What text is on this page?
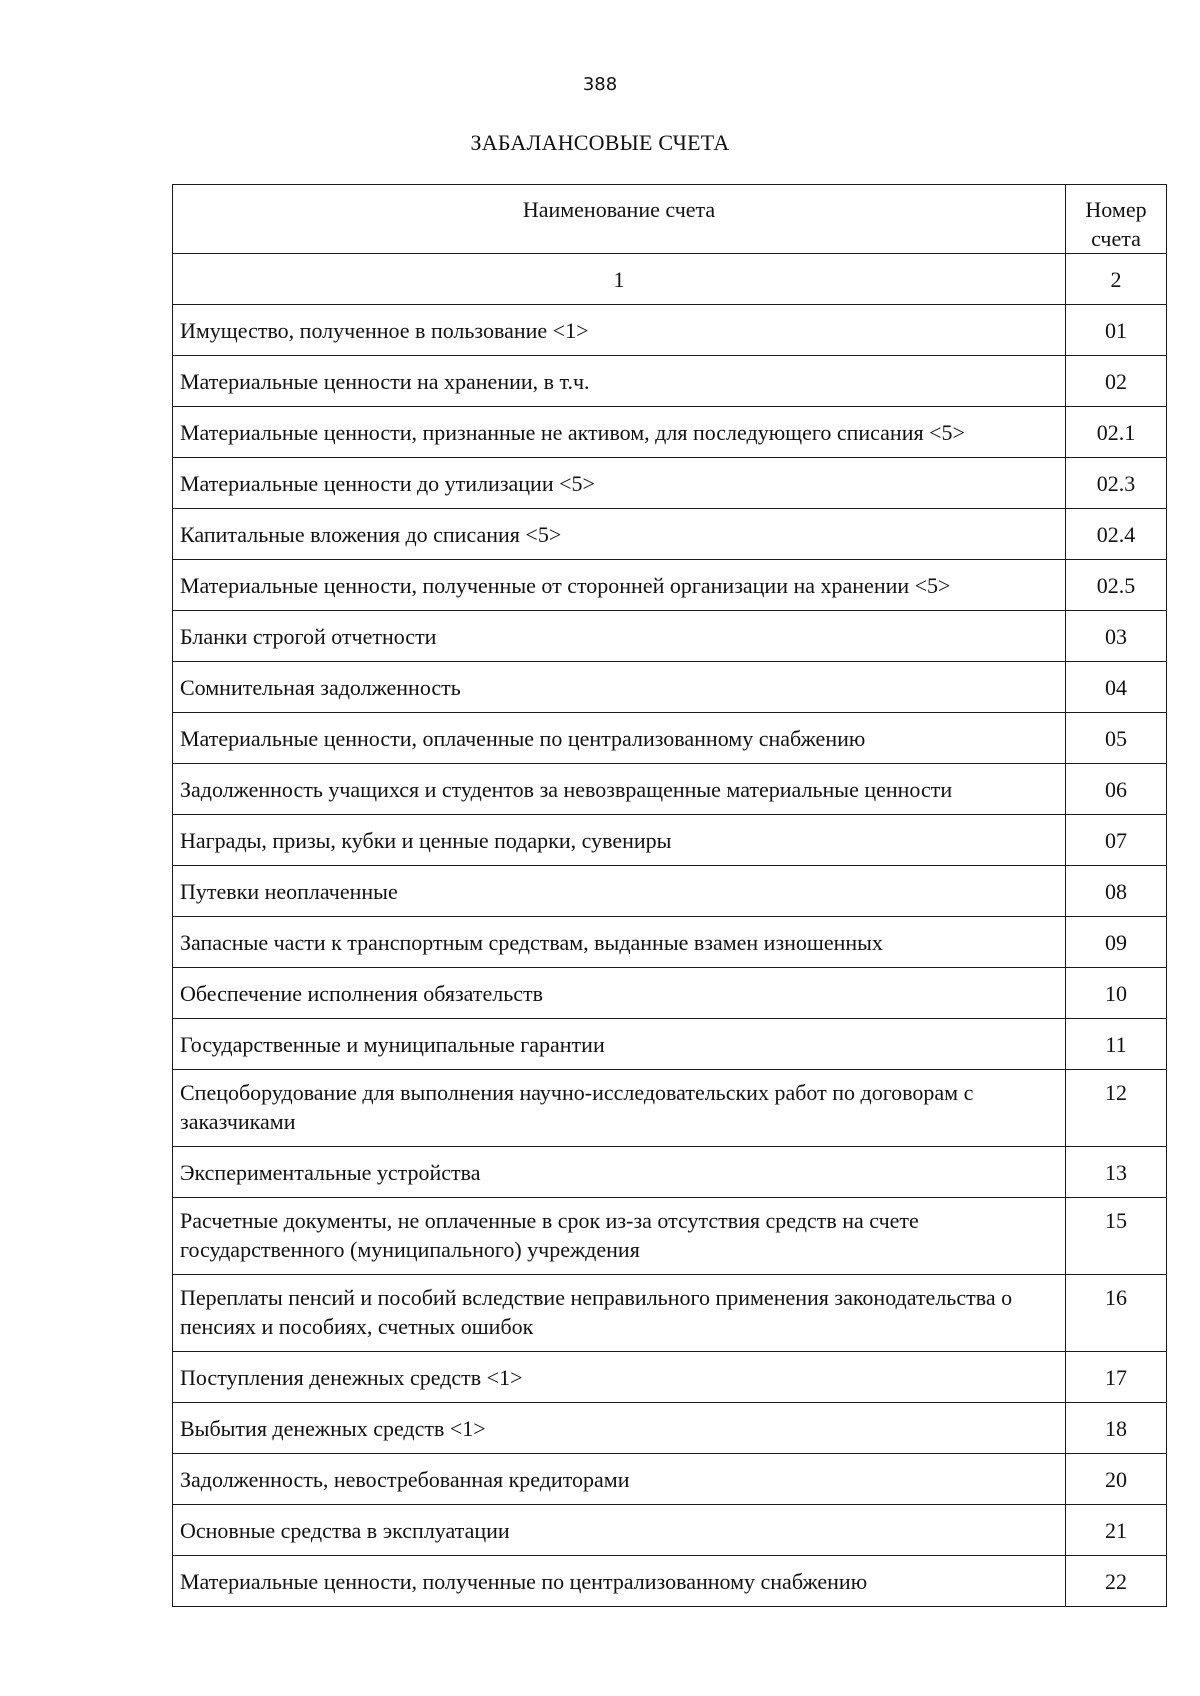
388
ЗАБАЛАНСОВЫЕ СЧЕТА
Наименование счета	Номер счета
1	2
Имущество, полученное в пользование <1>	01
Материальные ценности на хранении, в т.ч.	02
Материальные ценности, признанные не активом, для последующего списания <5>	02.1
Материальные ценности до утилизации <5>	02.3
Капитальные вложения до списания <5>	02.4
Материальные ценности, полученные от сторонней организации на хранении <5>	02.5
Бланки строгой отчетности	03
Сомнительная задолженность	04
Материальные ценности, оплаченные по централизованному снабжению	05
Задолженность учащихся и студентов за невозвращенные материальные ценности	06
Награды, призы, кубки и ценные подарки, сувениры	07
Путевки неоплаченные	08
Запасные части к транспортным средствам, выданные взамен изношенных	09
Обеспечение исполнения обязательств	10
Государственные и муниципальные гарантии	11
Спецоборудование для выполнения научно-исследовательских работ по договорам с заказчиками	12
Экспериментальные устройства	13
Расчетные документы, не оплаченные в срок из-за отсутствия средств на счете государственного (муниципального) учреждения	15
Переплаты пенсий и пособий вследствие неправильного применения законодательства о пенсиях и пособиях, счетных ошибок	16
Поступления денежных средств <1>	17
Выбытия денежных средств <1>	18
Задолженность, невостребованная кредиторами	20
Основные средства в эксплуатации	21
Материальные ценности, полученные по централизованному снабжению	22
